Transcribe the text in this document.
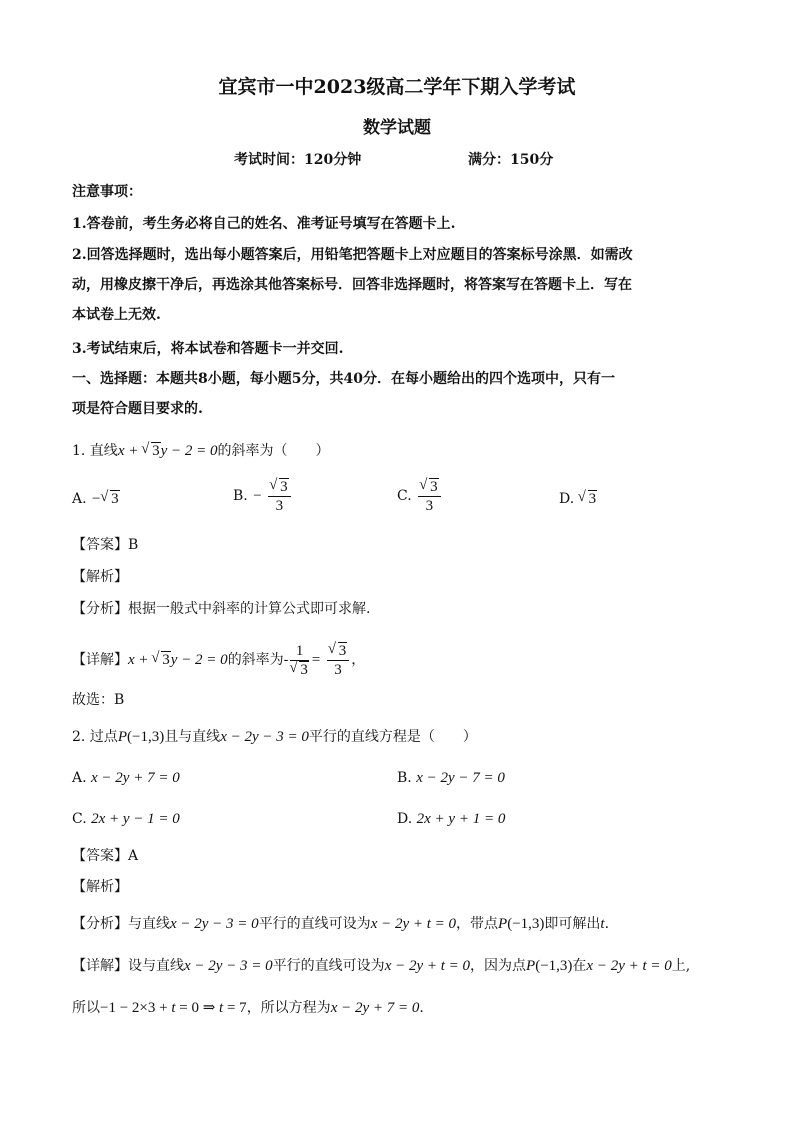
宜宾市一中2023级高二学年下期入学考试
数学试题
考试时间：120分钟	满分：150分
注意事项：
1.答卷前，考生务必将自己的姓名、准考证号填写在答题卡上.
2.回答选择题时，选出每小题答案后，用铅笔把答题卡上对应题目的答案标号涂黑．如需改
动，用橡皮擦干净后，再选涂其他答案标号．回答非选择题时，将答案写在答题卡上．写在
本试卷上无效.
3.考试结束后，将本试卷和答题卡一并交回.
一、选择题：本题共8小题，每小题5分，共40分．在每小题给出的四个选项中，只有一
项是符合题目要求的.
1. 直线x + √ 3y − 2 = 0的斜率为（　　）
A. − √ 3	B. − √ $\frac{3}{3}$	C. √ $\frac{3}{3}$	D. √ 3
【答案】B
【解析】
【分析】根据一般式中斜率的计算公式即可求解.
【详解】x + √ 3y − 2 = 0的斜率为- 1
√ 3 = √ $\frac{3}{3}$ ，
故选：B
2. 过点P(−1,3)且与直线x − 2y − 3 = 0平行的直线方程是（　　）
A. x − 2y + 7 = 0	B. x − 2y − 7 = 0
C. 2x + y − 1 = 0	D. 2x + y + 1 = 0
【答案】A
【解析】
【分析】与直线x − 2y − 3 = 0平行的直线可设为x − 2y + t = 0，带点P(−1,3)即可解出t.
【详解】设与直线x − 2y − 3 = 0平行的直线可设为x − 2y + t = 0，因为点P(−1,3)在x − 2y + t = 0上,
所以−1 − 2×3 + t = 0 ⇒ t = 7，所以方程为x − 2y + 7 = 0.
